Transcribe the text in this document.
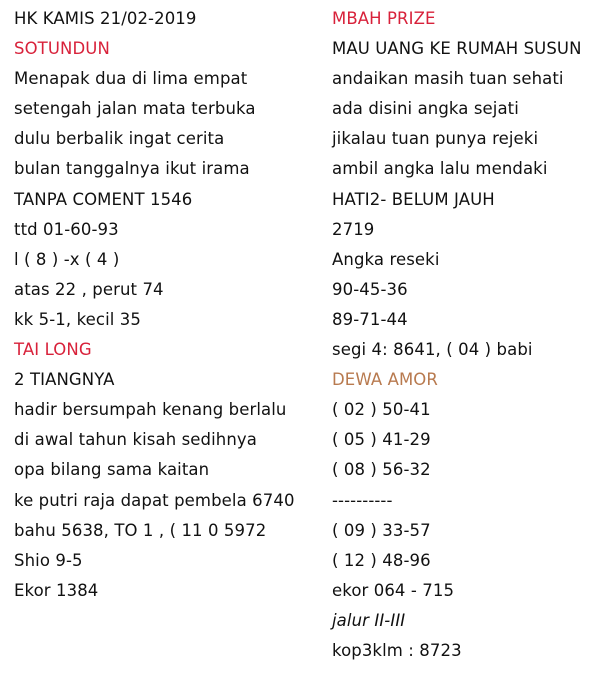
HK KAMIS 21/02-2019
SOTUNDUN
Menapak dua di lima empat
setengah jalan mata terbuka
dulu berbalik ingat cerita
bulan tanggalnya ikut irama
TANPA COMENT 1546
ttd 01-60-93
l ( 8 ) -x ( 4 )
atas 22 , perut 74
kk 5-1, kecil 35
TAI LONG
2 TIANGNYA
hadir bersumpah kenang berlalu
di awal tahun kisah sedihnya
opa bilang sama kaitan
ke putri raja dapat pembela 6740
bahu 5638, TO 1 , ( 11 0 5972
Shio 9-5
Ekor 1384
MBAH PRIZE
MAU UANG KE RUMAH SUSUN
andaikan masih tuan sehati
ada disini angka sejati
jikalau tuan punya rejeki
ambil angka lalu mendaki
HATI2- BELUM JAUH
2719
Angka reseki
90-45-36
89-71-44
segi 4: 8641, ( 04 ) babi
DEWA AMOR
( 02 ) 50-41
( 05 ) 41-29
( 08 ) 56-32
----------
( 09 ) 33-57
( 12 ) 48-96
ekor 064 - 715
jalur II-III
kop3klm : 8723
